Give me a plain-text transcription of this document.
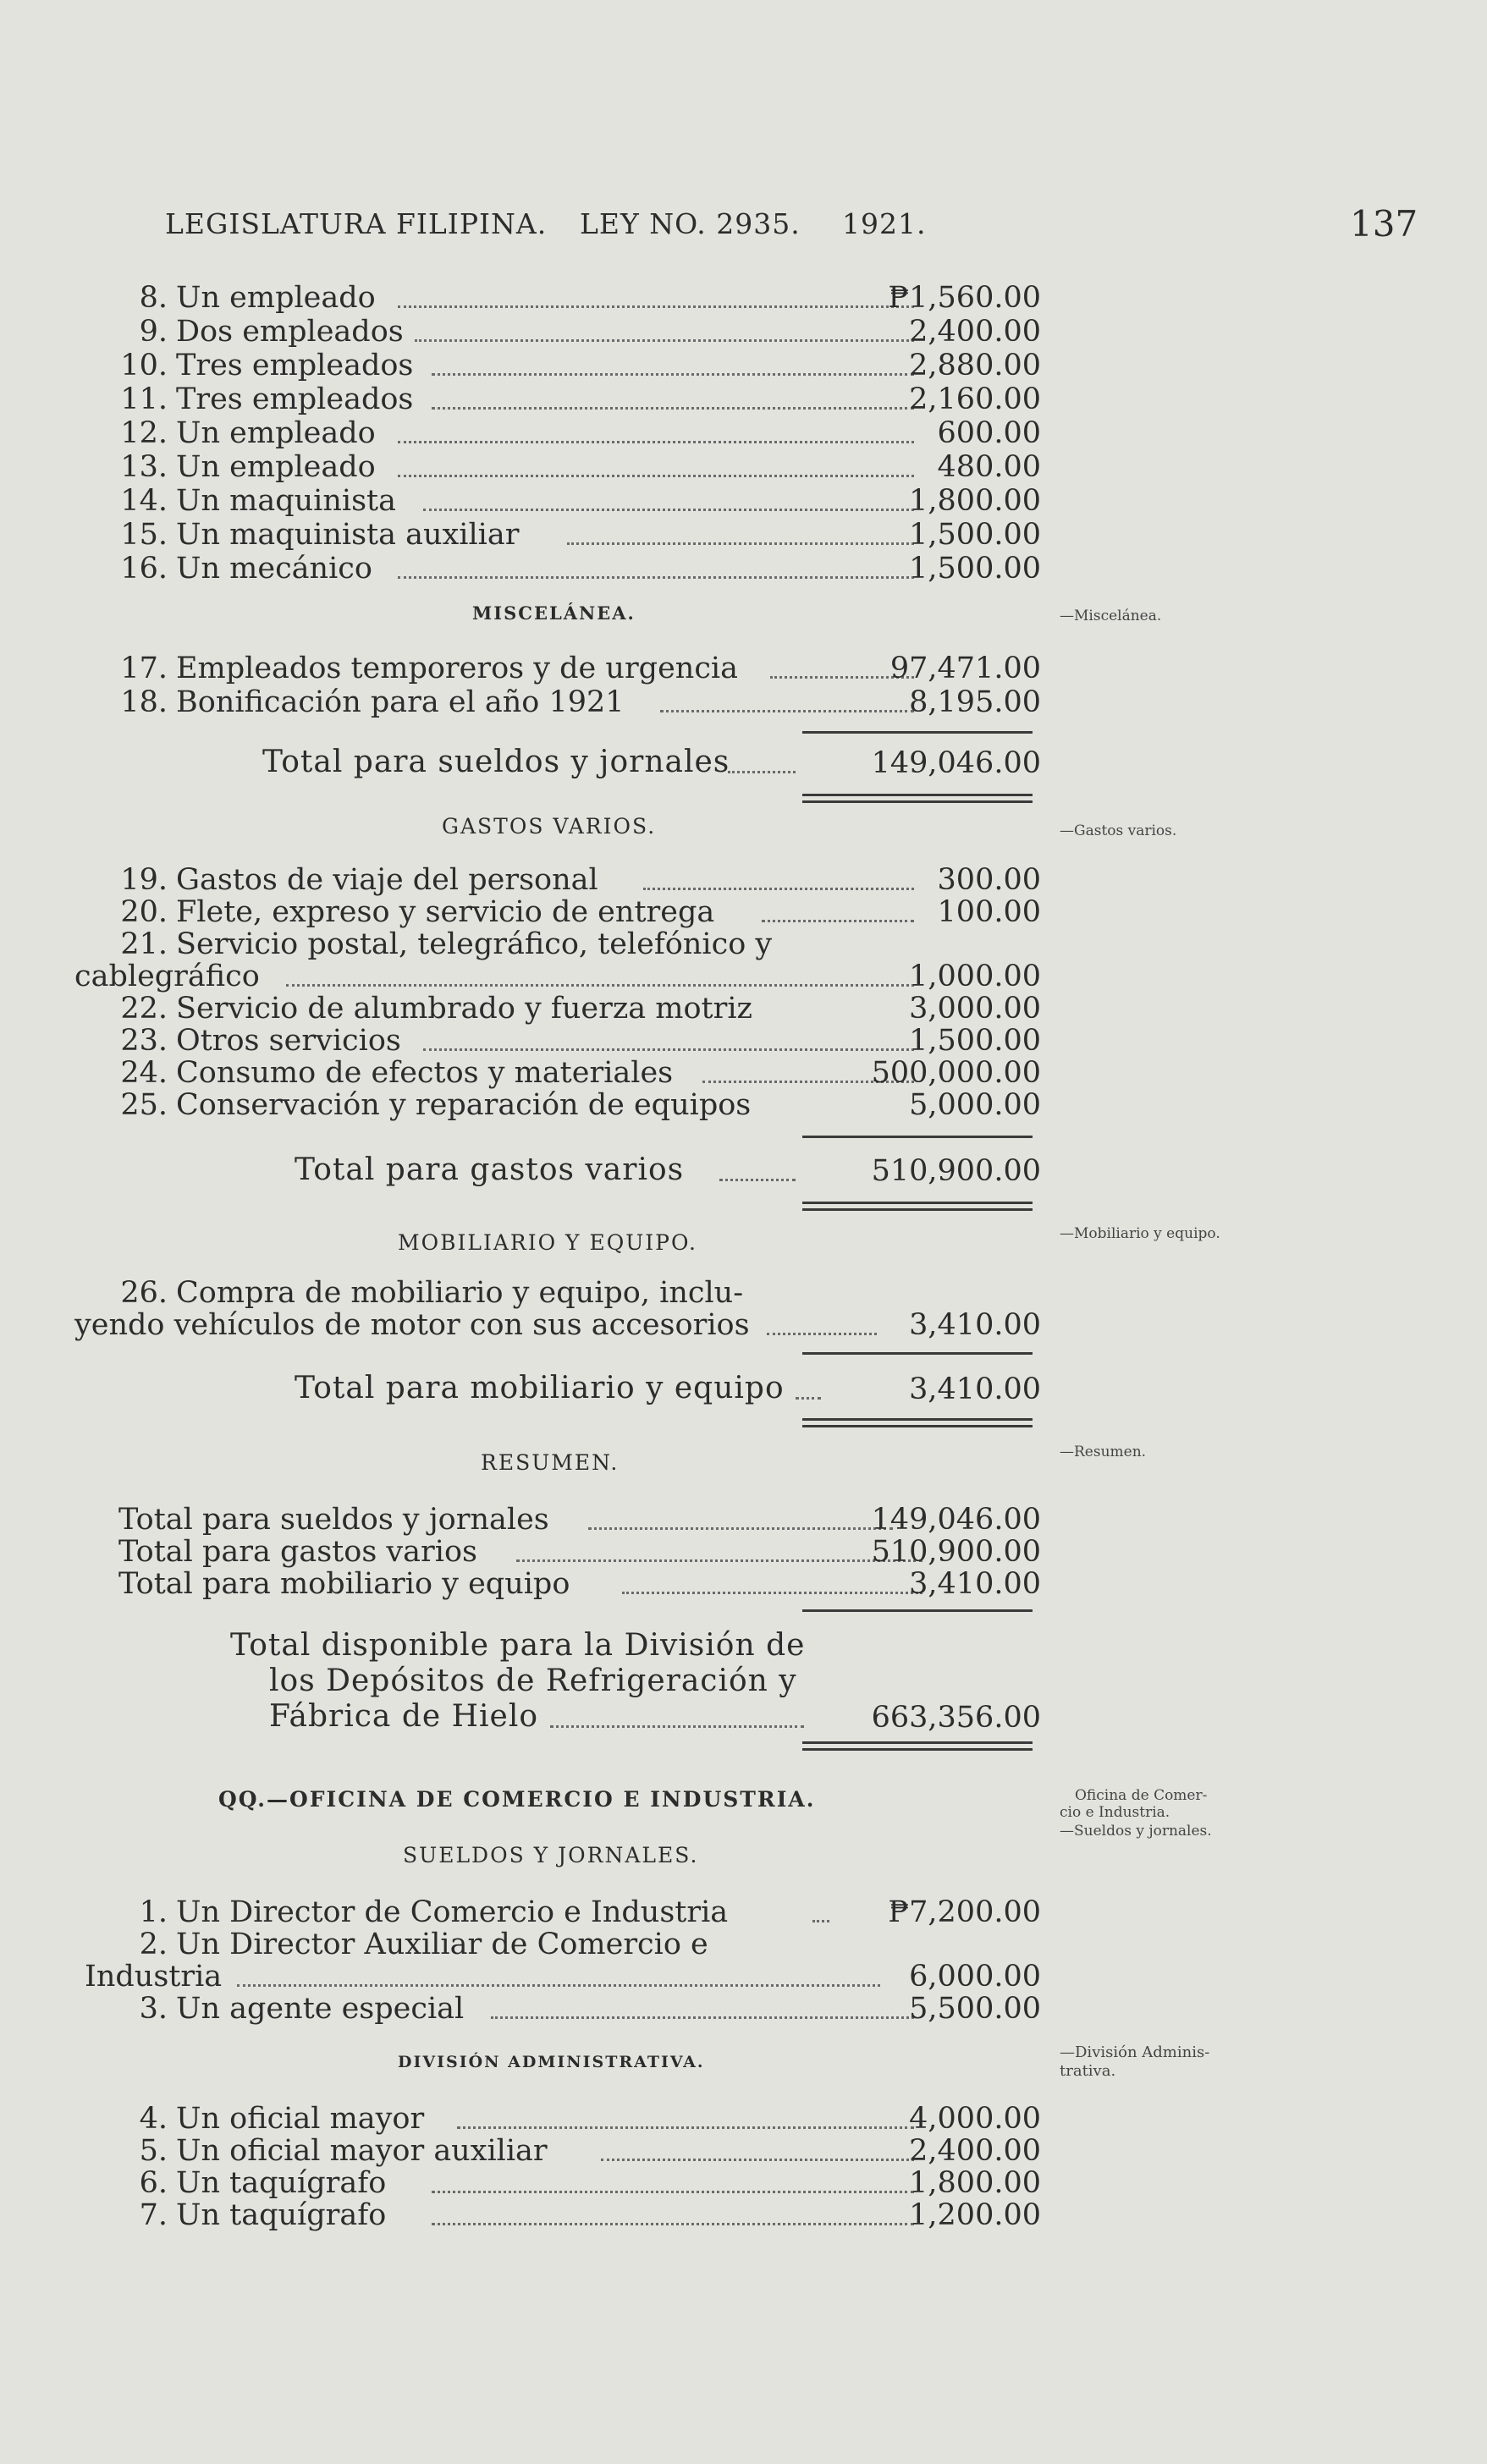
LEGISLATURA FILIPINA. LEY NO. 2935. 1921.	137
8. Un empleado	₱1,560.00
9. Dos empleados	2,400.00
10. Tres empleados	2,880.00
11. Tres empleados	2,160.00
12. Un empleado	600.00
13. Un empleado	480.00
14. Un maquinista	1,800.00
15. Un maquinista auxiliar	1,500.00
16. Un mecánico	1,500.00
MISCELÁNEA.	—Miscelánea.
17. Empleados temporeros y de urgencia	97,471.00
18. Bonificación para el año 1921	8,195.00
Total para sueldos y jornales	149,046.00
GASTOS VARIOS.	—Gastos varios.
19. Gastos de viaje del personal	300.00
20. Flete, expreso y servicio de entrega	100.00
21. Servicio postal, telegráfico, telefónico y
cablegráfico	1,000.00
22. Servicio de alumbrado y fuerza motriz	3,000.00
23. Otros servicios	1,500.00
24. Consumo de efectos y materiales	500,000.00
25. Conservación y reparación de equipos	5,000.00
Total para gastos varios	510,900.00
MOBILIARIO Y EQUIPO.	—Mobiliario y equipo.
26. Compra de mobiliario y equipo, inclu-
yendo vehículos de motor con sus accesorios	3,410.00
Total para mobiliario y equipo	3,410.00
RESUMEN.	—Resumen.
Total para sueldos y jornales	149,046.00
Total para gastos varios	510,900.00
Total para mobiliario y equipo	3,410.00
Total disponible para la División de
los Depósitos de Refrigeración y
Fábrica de Hielo	663,356.00
QQ.—OFICINA DE COMERCIO E INDUSTRIA.	Oficina de Comer-
cio e Industria.
—Sueldos y jornales.
SUELDOS Y JORNALES.
1. Un Director de Comercio e Industria	₱7,200.00
2. Un Director Auxiliar de Comercio e
Industria	6,000.00
3. Un agente especial	5,500.00
DIVISIÓN ADMINISTRATIVA.
—División Adminis-
trativa.
4. Un oficial mayor	4,000.00
5. Un oficial mayor auxiliar	2,400.00
6. Un taquígrafo	1,800.00
7. Un taquígrafo	1,200.00
